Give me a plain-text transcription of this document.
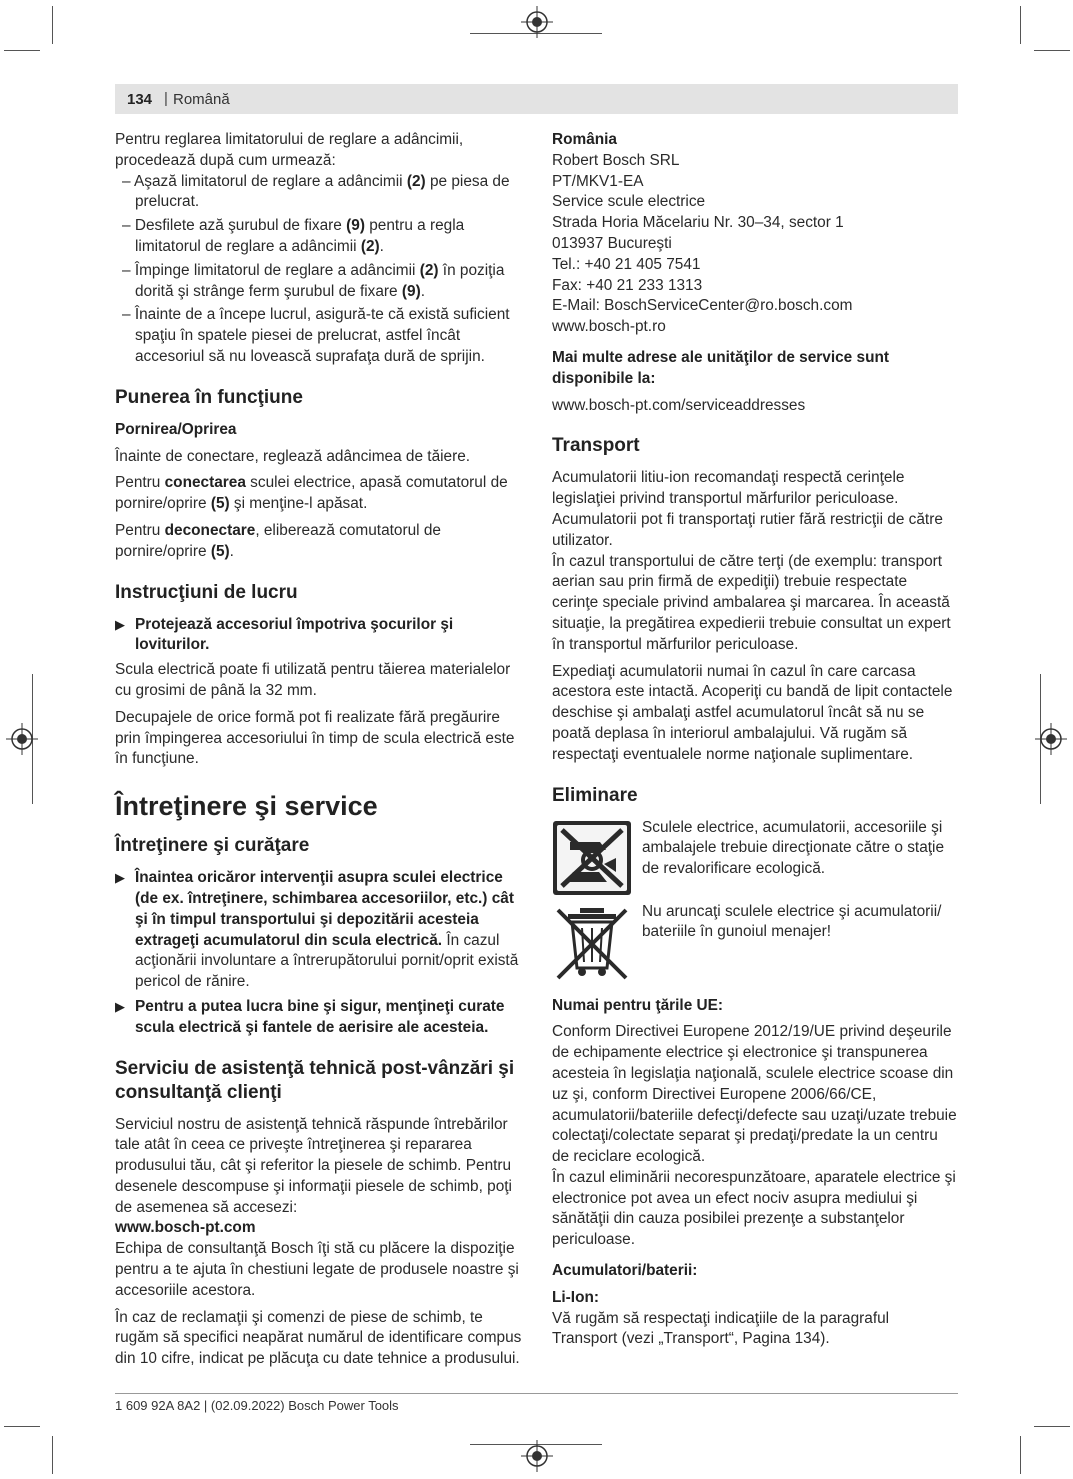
134 | Română

Pentru reglarea limitatorului de reglare a adâncimii, procedează după cum urmează:

– Aşază limitatorul de reglare a adâncimii (2) pe piesa de prelucrat.

– Desfilete ază şurubul de fixare (9) pentru a regla limitatorul de reglare a adâncimii (2).

– Împinge limitatorul de reglare a adâncimii (2) în poziţia dorită şi strânge ferm şurubul de fixare (9).

– Înainte de a începe lucrul, asigură-te că există suficient spaţiu în spatele piesei de prelucrat, astfel încât accesoriul să nu lovească suprafaţa dură de sprijin.

Punerea în funcţiune

Pornirea/Oprirea

Înainte de conectare, reglează adâncimea de tăiere.

Pentru conectarea sculei electrice, apasă comutatorul de pornire/oprire (5) şi menţine-l apăsat.

Pentru deconectare, eliberează comutatorul de pornire/oprire (5).

Instrucţiuni de lucru
▶ Protejează accesoriul împotriva şocurilor şi loviturilor.

Scula electrică poate fi utilizată pentru tăierea materialelor cu grosimi de până la 32 mm.

Decupajele de orice formă pot fi realizate fără pregăurire prin împingerea accesoriului în timp de scula electrică este în funcţiune.

Întreţinere şi service
Întreţinere şi curăţare
▶ Înaintea oricăror intervenţii asupra sculei electrice (de ex. întreţinere, schimbarea accesoriilor, etc.) cât şi în timpul transportului şi depozitării acesteia extrageţi acumulatorul din scula electrică. În cazul acţionării involuntare a întrerupătorului pornit/oprit există pericol de rănire.
▶ Pentru a putea lucra bine şi sigur, menţineţi curate scula electrică şi fantele de aerisire ale acesteia.
Serviciu de asistenţă tehnică post-vânzări şi consultanţă clienţi

Serviciul nostru de asistenţă tehnică răspunde întrebărilor tale atât în ceea ce priveşte întreţinerea şi repararea produsului tău, cât şi referitor la piesele de schimb. Pentru desenele descompuse şi informaţii piesele de schimb, poţi de asemenea să accesezi:

www.bosch-pt.com

Echipa de consultanţă Bosch îţi stă cu plăcere la dispoziţie pentru a te ajuta în chestiuni legate de produsele noastre şi accesoriile acestora.

În caz de reclamaţii şi comenzi de piese de schimb, te rugăm să specifici neapărat numărul de identificare compus din 10 cifre, indicat pe plăcuţa cu date tehnice a produsului.

România

Robert Bosch SRL

PT/MKV1-EA

Service scule electrice

Strada Horia Măcelariu Nr. 30–34, sector 1

013937 Bucureşti

Tel.: +40 21 405 7541

Fax: +40 21 233 1313

E-Mail: BoschServiceCenter@ro.bosch.com

www.bosch-pt.ro

Mai multe adrese ale unităţilor de service sunt disponibile la:

www.bosch-pt.com/serviceaddresses

Transport

Acumulatorii litiu-ion recomandaţi respectă cerinţele legislaţiei privind transportul mărfurilor periculoase. Acumulatorii pot fi transportaţi rutier fără restricţii de către utilizator.

În cazul transportului de către terţi (de exemplu: transport aerian sau prin firmă de expediţii) trebuie respectate cerinţe speciale privind ambalarea şi marcarea. În această situaţie, la pregătirea expedierii trebuie consultat un expert în transportul mărfurilor periculoase.

Expediaţi acumulatorii numai în cazul în care carcasa acestora este intactă. Acoperiţi cu bandă de lipit contactele deschise şi ambalaţi astfel acumulatorul încât să nu se poată deplasa în interiorul ambalajului. Vă rugăm să respectaţi eventualele norme naţionale suplimentare.

Eliminare

Sculele electrice, acumulatorii, accesoriile şi ambalajele trebuie direcţionate către o staţie de revalorificare ecologică.

Nu aruncaţi sculele electrice şi acumulatorii/ bateriile în gunoiul menajer!

Numai pentru ţările UE:

Conform Directivei Europene 2012/19/UE privind deşeurile de echipamente electrice şi electronice şi transpunerea acesteia în legislaţia naţională, sculele electrice scoase din uz şi, conform Directivei Europene 2006/66/CE, acumulatorii/bateriile defecţi/defecte sau uzaţi/uzate trebuie colectaţi/colectate separat şi predaţi/predate la un centru de reciclare ecologică.

În cazul eliminării necorespunzătoare, aparatele electrice şi electronice pot avea un efect nociv asupra mediului şi sănătăţii din cauza posibilei prezenţe a substanţelor periculoase.

Acumulatori/baterii:

Li-Ion:

Vă rugăm să respectaţi indicaţiile de la paragraful Transport (vezi „Transport“, Pagina 134).

1 609 92A 8A2 | (02.09.2022) Bosch Power Tools
